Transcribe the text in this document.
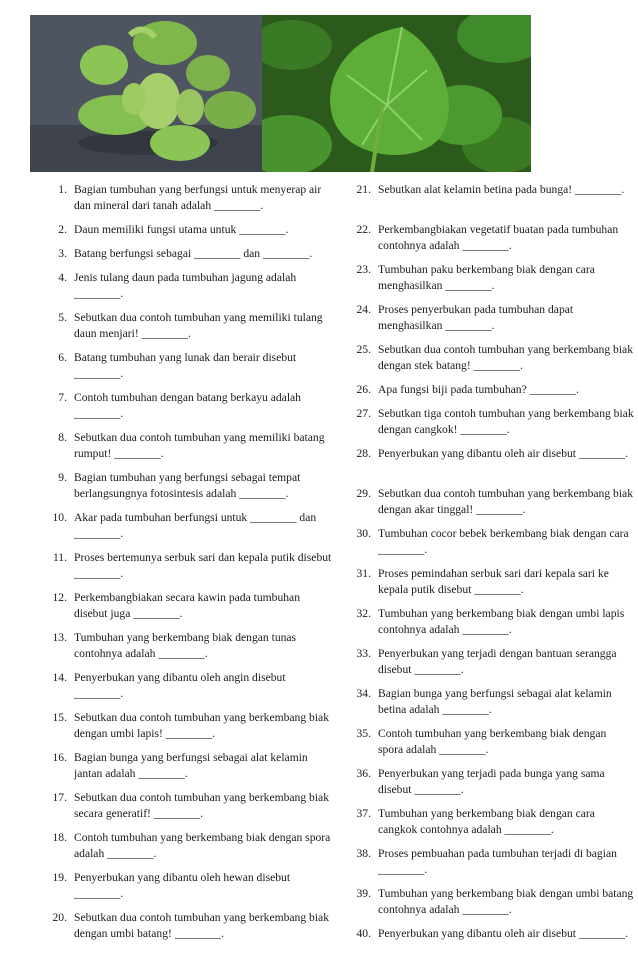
1. Bagian tumbuhan yang berfungsi untuk menyerap air dan mineral dari tanah adalah ________.
2. Daun memiliki fungsi utama untuk ________.
3. Batang berfungsi sebagai ________ dan ________.
4. Jenis tulang daun pada tumbuhan jagung adalah ________.
5. Sebutkan dua contoh tumbuhan yang memiliki tulang daun menjari! ________.
6. Batang tumbuhan yang lunak dan berair disebut ________.
7. Contoh tumbuhan dengan batang berkayu adalah ________.
8. Sebutkan dua contoh tumbuhan yang memiliki batang rumput! ________.
9. Bagian tumbuhan yang berfungsi sebagai tempat berlangsungnya fotosintesis adalah ________.
10. Akar pada tumbuhan berfungsi untuk ________ dan ________.
11. Proses bertemunya serbuk sari dan kepala putik disebut ________.
12. Perkembangbiakan secara kawin pada tumbuhan disebut juga ________.
13. Tumbuhan yang berkembang biak dengan tunas contohnya adalah ________.
14. Penyerbukan yang dibantu oleh angin disebut ________.
15. Sebutkan dua contoh tumbuhan yang berkembang biak dengan umbi lapis! ________.
16. Bagian bunga yang berfungsi sebagai alat kelamin jantan adalah ________.
17. Sebutkan dua contoh tumbuhan yang berkembang biak secara generatif! ________.
18. Contoh tumbuhan yang berkembang biak dengan spora adalah ________.
19. Penyerbukan yang dibantu oleh hewan disebut ________.
20. Sebutkan dua contoh tumbuhan yang berkembang biak dengan umbi batang! ________.
21. Sebutkan alat kelamin betina pada bunga! ________.
22. Perkembangbiakan vegetatif buatan pada tumbuhan contohnya adalah ________.
23. Tumbuhan paku berkembang biak dengan cara menghasilkan ________.
24. Proses penyerbukan pada tumbuhan dapat menghasilkan ________.
25. Sebutkan dua contoh tumbuhan yang berkembang biak dengan stek batang! ________.
26. Apa fungsi biji pada tumbuhan? ________.
27. Sebutkan tiga contoh tumbuhan yang berkembang biak dengan cangkok! ________.
28. Penyerbukan yang dibantu oleh air disebut ________.
29. Sebutkan dua contoh tumbuhan yang berkembang biak dengan akar tinggal! ________.
30. Tumbuhan cocor bebek berkembang biak dengan cara ________.
31. Proses pemindahan serbuk sari dari kepala sari ke kepala putik disebut ________.
32. Tumbuhan yang berkembang biak dengan umbi lapis contohnya adalah ________.
33. Penyerbukan yang terjadi dengan bantuan serangga disebut ________.
34. Bagian bunga yang berfungsi sebagai alat kelamin betina adalah ________.
35. Contoh tumbuhan yang berkembang biak dengan spora adalah ________.
36. Penyerbukan yang terjadi pada bunga yang sama disebut ________.
37. Tumbuhan yang berkembang biak dengan cara cangkok contohnya adalah ________.
38. Proses pembuahan pada tumbuhan terjadi di bagian ________.
39. Tumbuhan yang berkembang biak dengan umbi batang contohnya adalah ________.
40. Penyerbukan yang dibantu oleh air disebut ________.
